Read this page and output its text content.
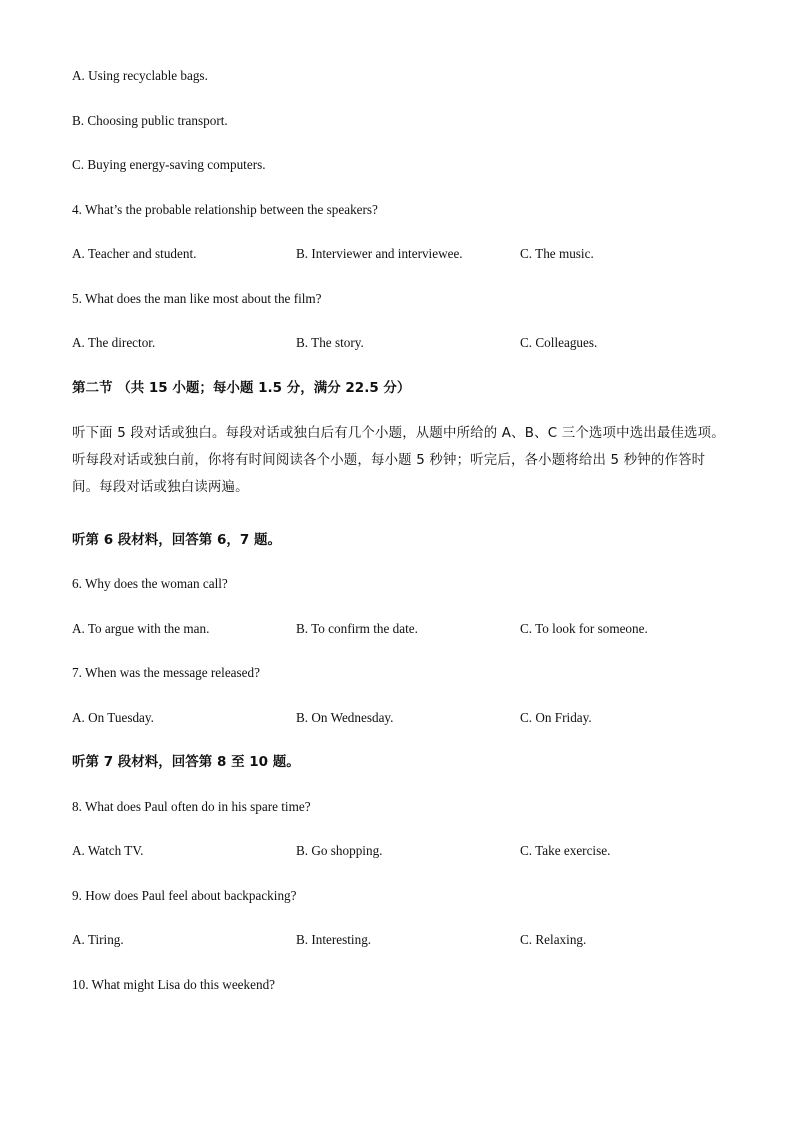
A. Using recyclable bags.
B. Choosing public transport.
C. Buying energy-saving computers.
4. What’s the probable relationship between the speakers?
A. Teacher and student.	B. Interviewer and interviewee.	C. The music.
5. What does the man like most about the film?
A. The director.	B. The story.	C. Colleagues.
第二节 （共 15 小题；每小题 1.5 分，满分 22.5 分）
听下面 5 段对话或独白。每段对话或独白后有几个小题，从题中所给的 A、B、C 三个选项中选出最佳选项。
听每段对话或独白前，你将有时间阅读各个小题，每小题 5 秒钟；听完后，各小题将给出 5 秒钟的作答时
间。每段对话或独白读两遍。
听第 6 段材料，回答第 6，7 题。
6. Why does the woman call?
A. To argue with the man.	B. To confirm the date.	C. To look for someone.
7. When was the message released?
A. On Tuesday.	B. On Wednesday.	C. On Friday.
听第 7 段材料，回答第 8 至 10 题。
8. What does Paul often do in his spare time?
A. Watch TV.	B. Go shopping.	C. Take exercise.
9. How does Paul feel about backpacking?
A. Tiring.	B. Interesting.	C. Relaxing.
10. What might Lisa do this weekend?
